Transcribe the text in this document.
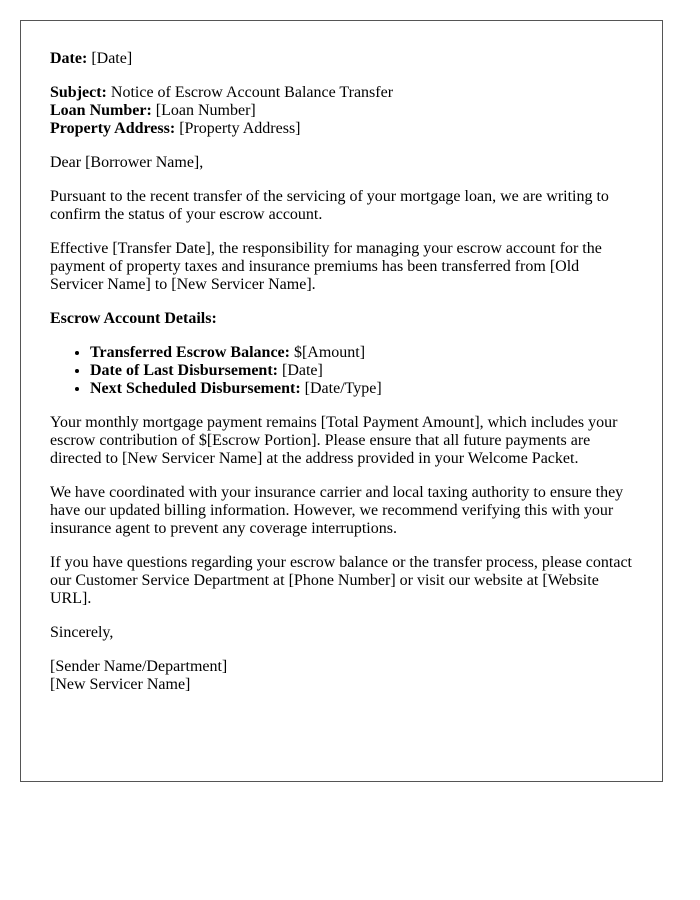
Date: [Date]

Subject: Notice of Escrow Account Balance Transfer
Loan Number: [Loan Number]
Property Address: [Property Address]

Dear [Borrower Name],

Pursuant to the recent transfer of the servicing of your mortgage loan, we are writing to confirm the status of your escrow account.

Effective [Transfer Date], the responsibility for managing your escrow account for the payment of property taxes and insurance premiums has been transferred from [Old Servicer Name] to [New Servicer Name].

Escrow Account Details:

• Transferred Escrow Balance: $[Amount]
• Date of Last Disbursement: [Date]
• Next Scheduled Disbursement: [Date/Type]

Your monthly mortgage payment remains [Total Payment Amount], which includes your escrow contribution of $[Escrow Portion]. Please ensure that all future payments are directed to [New Servicer Name] at the address provided in your Welcome Packet.

We have coordinated with your insurance carrier and local taxing authority to ensure they have our updated billing information. However, we recommend verifying this with your insurance agent to prevent any coverage interruptions.

If you have questions regarding your escrow balance or the transfer process, please contact our Customer Service Department at [Phone Number] or visit our website at [Website URL].

Sincerely,

[Sender Name/Department]
[New Servicer Name]
